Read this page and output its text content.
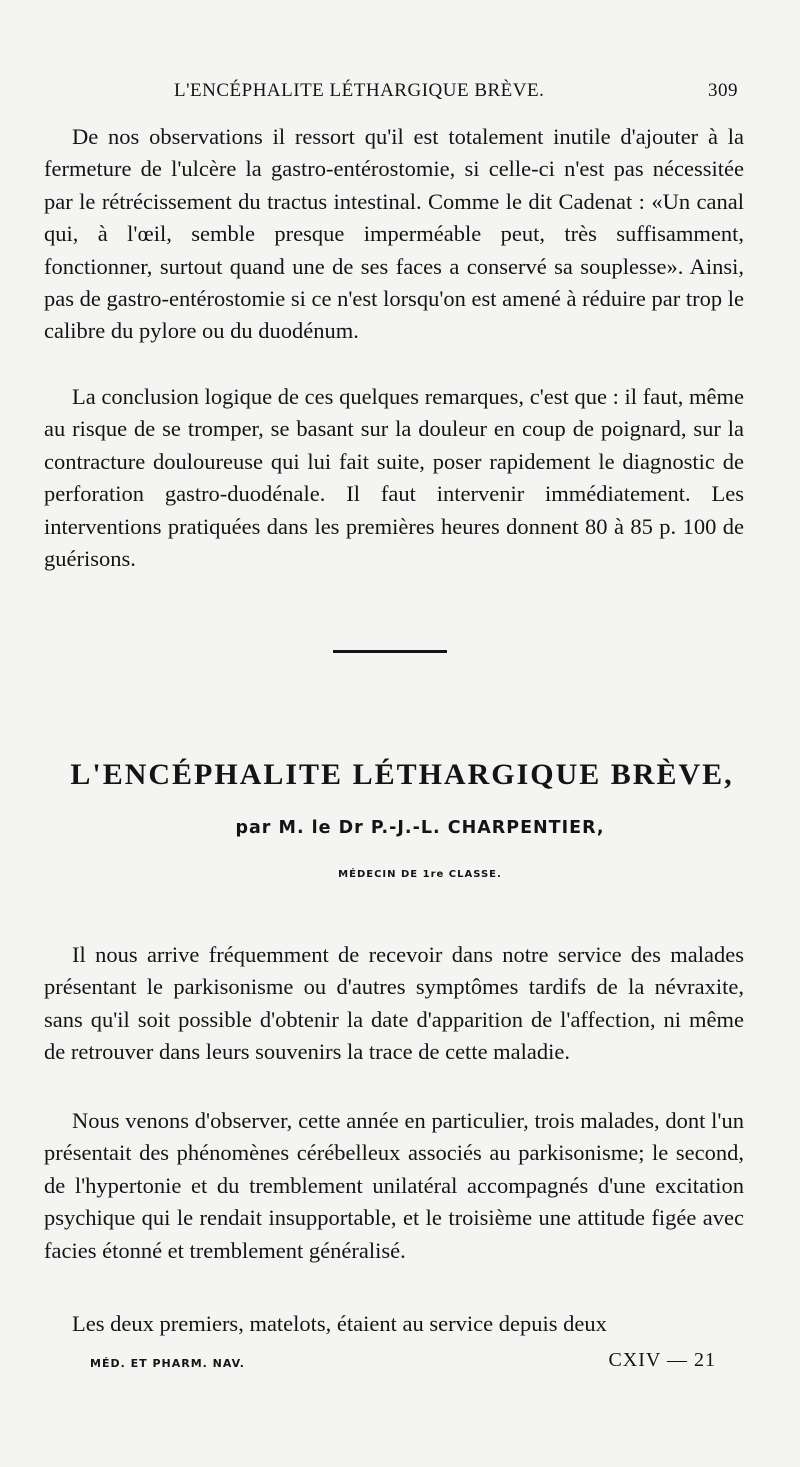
L'ENCÉPHALITE LÉTHARGIQUE BRÈVE.	309

De nos observations il ressort qu'il est totalement inutile d'ajouter à la fermeture de l'ulcère la gastro-entérostomie, si celle-ci n'est pas nécessitée par le rétrécissement du tractus intestinal. Comme le dit Cadenat : «Un canal qui, à l'œil, semble presque imperméable peut, très suffisamment, fonctionner, surtout quand une de ses faces a conservé sa souplesse». Ainsi, pas de gastro-entérostomie si ce n'est lorsqu'on est amené à réduire par trop le calibre du pylore ou du duodénum.

La conclusion logique de ces quelques remarques, c'est que : il faut, même au risque de se tromper, se basant sur la douleur en coup de poignard, sur la contracture douloureuse qui lui fait suite, poser rapidement le diagnostic de perforation gastro-duodénale. Il faut intervenir immédiatement. Les interventions pratiquées dans les premières heures donnent 80 à 85 p. 100 de guérisons.

L'ENCÉPHALITE LÉTHARGIQUE BRÈVE,
par M. le Dr P.-J.-L. CHARPENTIER,
MÉDECIN DE 1re CLASSE.

Il nous arrive fréquemment de recevoir dans notre service des malades présentant le parkisonisme ou d'autres symptômes tardifs de la névraxite, sans qu'il soit possible d'obtenir la date d'apparition de l'affection, ni même de retrouver dans leurs souvenirs la trace de cette maladie.

Nous venons d'observer, cette année en particulier, trois malades, dont l'un présentait des phénomènes cérébelleux associés au parkisonisme; le second, de l'hypertonie et du tremblement unilatéral accompagnés d'une excitation psychique qui le rendait insupportable, et le troisième une attitude figée avec facies étonné et tremblement généralisé.

Les deux premiers, matelots, étaient au service depuis deux

MÉD. ET PHARM. NAV.	CXIV — 21
